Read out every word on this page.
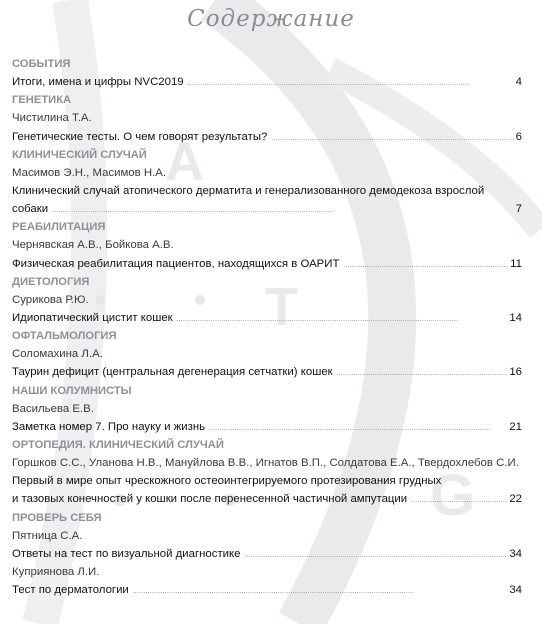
А
Т
G
Содержание
СОБЫТИЯ
Итоги, имена и цифры NVC2019 . . .	4
ГЕНЕТИКА
Чистилина Т.А.
Генетические тесты. О чем говорят результаты? . . .	6
КЛИНИЧЕСКИЙ СЛУЧАЙ
Масимов Э.Н., Масимов Н.А.
Клинический случай атопического дерматита и генерализованного демодекоза взрослой
собаки . . .	7
РЕАБИЛИТАЦИЯ
Чернявская А.В., Бойкова А.В.
Физическая реабилитация пациентов, находящихся в ОАРИТ . . .	11
ДИЕТОЛОГИЯ
Сурикова Р.Ю.
Идиопатический цистит кошек . . .	14
ОФТАЛЬМОЛОГИЯ
Соломахина Л.А.
Таурин дефицит (центральная дегенерация сетчатки) кошек . . .	16
НАШИ КОЛУМНИСТЫ
Васильева Е.В.
Заметка номер 7. Про науку и жизнь . . .	21
ОРТОПЕДИЯ. КЛИНИЧЕСКИЙ СЛУЧАЙ
Горшков С.С., Уланова Н.В., Мануйлова В.В., Игнатов В.П., Солдатова Е.А., Твердохлебов С.И.
Первый в мире опыт чрескожного остеоинтегрируемого протезирования грудных
и тазовых конечностей у кошки после перенесенной частичной ампутации . . .	22
ПРОВЕРЬ СЕБЯ
Пятница С.А.
Ответы на тест по визуальной диагностике . . .	34
Куприянова Л.И.
Тест по дерматологии . . .	34
